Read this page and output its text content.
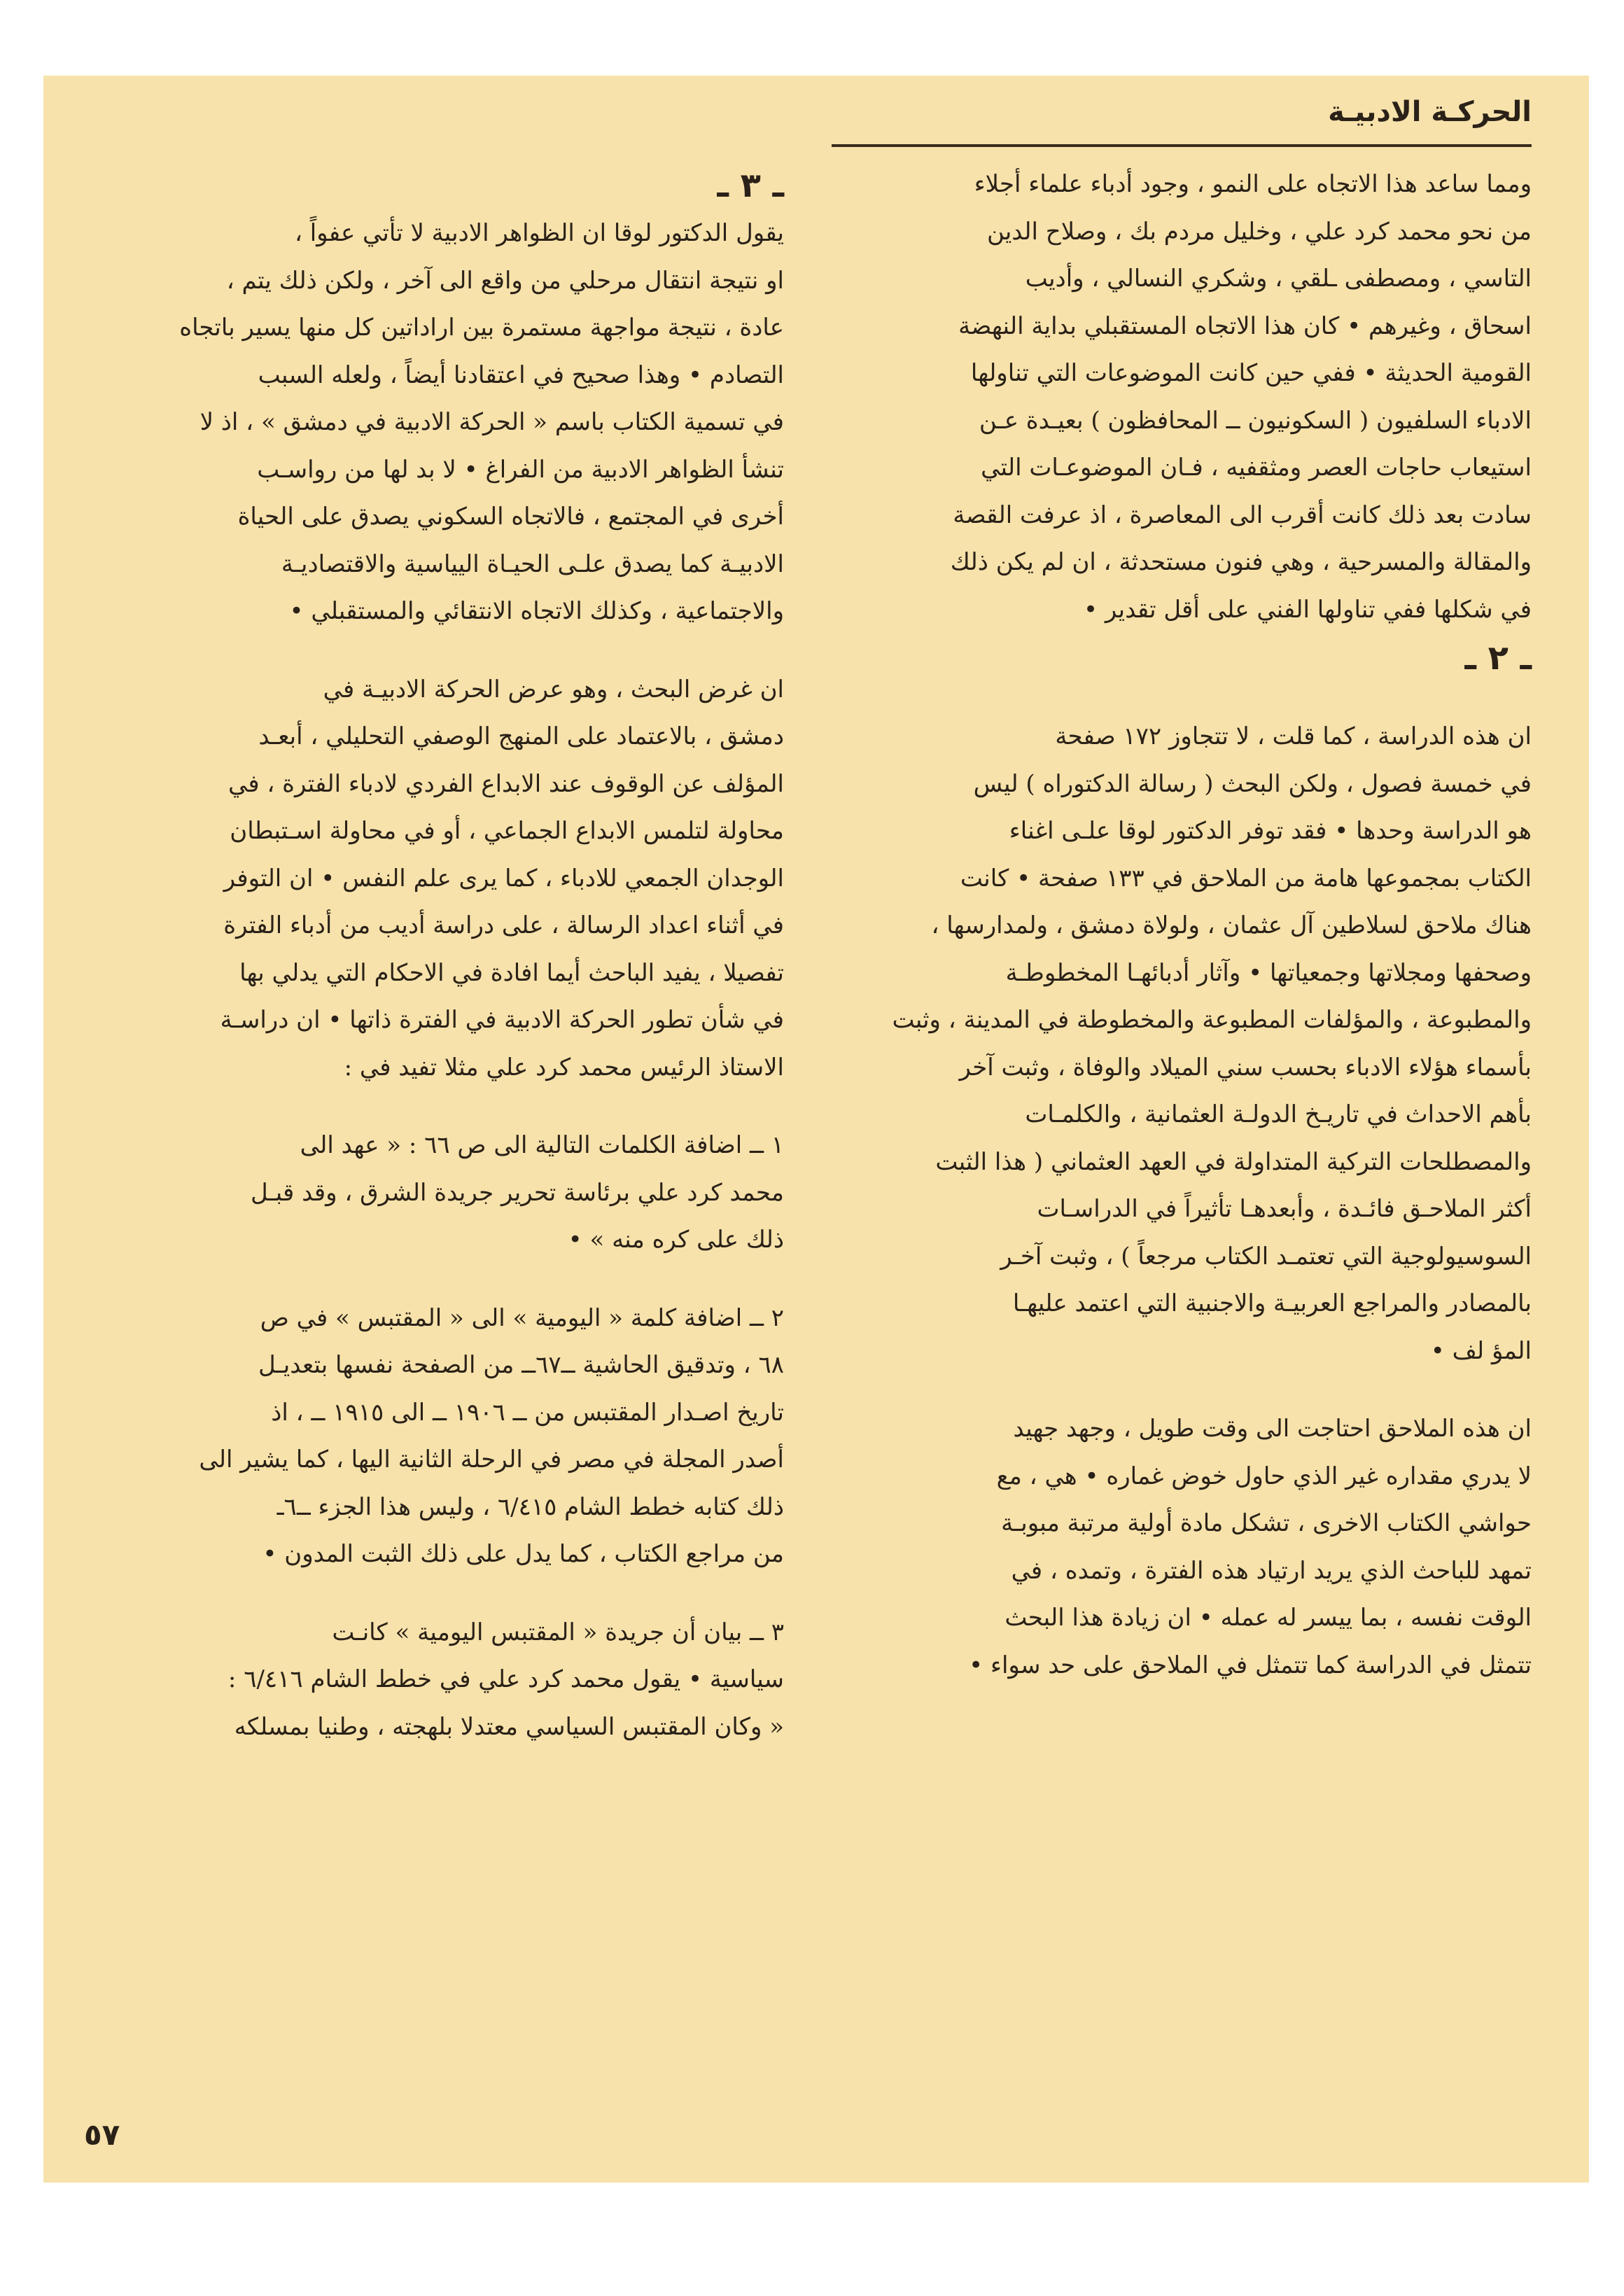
الحركـة الادبيـة

ومما ساعد هذا الاتجاه على النمو ، وجود أدباء علماء أجلاء
من نحو محمد كرد علي ، وخليل مردم بك ، وصلاح الدين
التاسي ، ومصطفى ـلقي ، وشكري النسالي ، وأديب
اسحاق ، وغيرهم • كان هذا الاتجاه المستقبلي بداية النهضة
القومية الحديثة • ففي حين كانت الموضوعات التي تناولها
الادباء السلفيون ( السكونيون ــ المحافظون ) بعيـدة عـن
استيعاب حاجات العصر ومثقفيه ، فـان الموضوعـات التي
سادت بعد ذلك كانت أقرب الى المعاصرة ، اذ عرفت القصة
والمقالة والمسرحية ، وهي فنون مستحدثة ، ان لم يكن ذلك
في شكلها ففي تناولها الفني على أقل تقدير •

ـ ٢ ـ

ان هذه الدراسة ، كما قلت ، لا تتجاوز ١٧٢ صفحة
في خمسة فصول ، ولكن البحث ( رسالة الدكتوراه ) ليس
هو الدراسة وحدها • فقد توفر الدكتور لوقا علـى اغناء
الكتاب بمجموعها هامة من الملاحق في ١٣٣ صفحة • كانت
هناك ملاحق لسلاطين آل عثمان ، ولولاة دمشق ، ولمدارسها ،
وصحفها ومجلاتها وجمعياتها • وآثار أدبائهـا المخطوطـة
والمطبوعة ، والمؤلفات المطبوعة والمخطوطة في المدينة ، وثبت
بأسماء هؤلاء الادباء بحسب سني الميلاد والوفاة ، وثبت آخر
بأهم الاحداث في تاريـخ الدولـة العثمانية ، والكلمـات
والمصطلحات التركية المتداولة في العهد العثماني ( هذا الثبت
أكثر الملاحـق فائـدة ، وأبعدهـا تأثيراً في الدراسـات
السوسيولوجية التي تعتمـد الكتاب مرجعاً ) ، وثبت آخـر
بالمصادر والمراجع العربيـة والاجنبية التي اعتمد عليهـا
المؤ لف •

ان هذه الملاحق احتاجت الى وقت طويل ، وجهد جهيد
لا يدري مقداره غير الذي حاول خوض غماره • هي ، مع
حواشي الكتاب الاخرى ، تشكل مادة أولية مرتبة مبوبـة
تمهد للباحث الذي يريد ارتياد هذه الفترة ، وتمده ، في
الوقت نفسه ، بما ييسر له عمله • ان زيادة هذا البحث
تتمثل في الدراسة كما تتمثل في الملاحق على حد سواء •

ـ ٣ ـ

يقول الدكتور لوقا ان الظواهر الادبية لا تأتي عفواً ،
او نتيجة انتقال مرحلي من واقع الى آخر ، ولكن ذلك يتم ،
عادة ، نتيجة مواجهة مستمرة بين اراداتين كل منها يسير باتجاه
التصادم • وهذا صحيح في اعتقادنا أيضاً ، ولعله السبب
في تسمية الكتاب باسم « الحركة الادبية في دمشق » ، اذ لا
تنشأ الظواهر الادبية من الفراغ • لا بد لها من رواسـب
أخرى في المجتمع ، فالاتجاه السكوني يصدق على الحياة
الادبيـة كما يصدق علـى الحيـاة اليياسية والاقتصاديـة
والاجتماعية ، وكذلك الاتجاه الانتقائي والمستقبلي •

ان غرض البحث ، وهو عرض الحركة الادبيـة في
دمشق ، بالاعتماد على المنهج الوصفي التحليلي ، أبعـد
المؤلف عن الوقوف عند الابداع الفردي لادباء الفترة ، في
محاولة لتلمس الابداع الجماعي ، أو في محاولة اسـتبطان
الوجدان الجمعي للادباء ، كما يرى علم النفس • ان التوفر
في أثناء اعداد الرسالة ، على دراسة أديب من أدباء الفترة
تفصيلا ، يفيد الباحث أيما افادة في الاحكام التي يدلي بها
في شأن تطور الحركة الادبية في الفترة ذاتها • ان دراسـة
الاستاذ الرئيس محمد كرد علي مثلا تفيد في :

١ ــ اضافة الكلمات التالية الى ص ٦٦ : « عهد الى
محمد كرد علي برئاسة تحرير جريدة الشرق ، وقد قبـل
ذلك على كره منه » •

٢ ــ اضافة كلمة « اليومية » الى « المقتبس » في ص
٦٨ ، وتدقيق الحاشية ــ٦٧ــ من الصفحة نفسها بتعديـل
تاريخ اصـدار المقتبس من ــ ١٩٠٦ ــ الى ١٩١٥ ــ ، اذ
أصدر المجلة في مصر في الرحلة الثانية اليها ، كما يشير الى
ذلك كتابه خطط الشام ٦/٤١٥ ، وليس هذا الجزء ــ٦ـ
من مراجع الكتاب ، كما يدل على ذلك الثبت المدون •

٣ ــ بيان أن جريدة « المقتبس اليومية » كانـت
سياسية • يقول محمد كرد علي في خطط الشام ٦/٤١٦ :
« وكان المقتبس السياسي معتدلا بلهجته ، وطنيا بمسلكه

٥٧
